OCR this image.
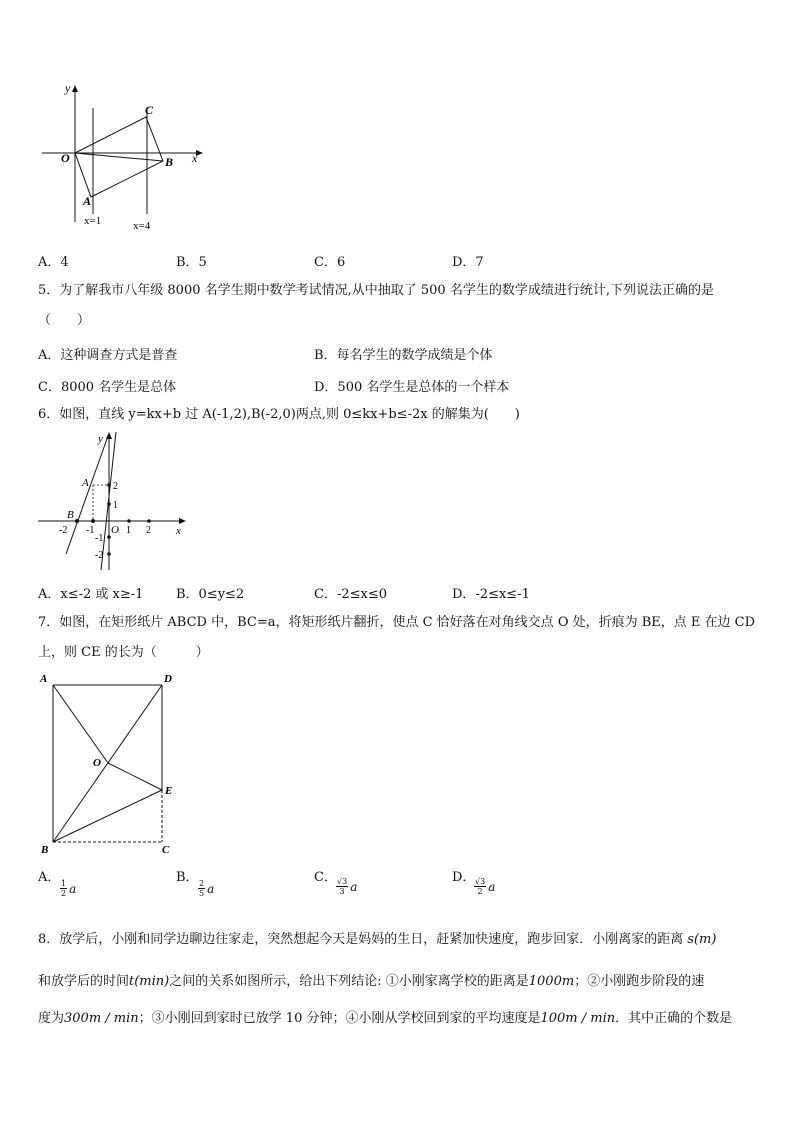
y
x
O
C
B
A
x=1	x=4
A．4	B．5	C．6	D．7
5．为了解我市八年级 8000 名学生期中数学考试情况,从中抽取了 500 名学生的数学成绩进行统计,下列说法正确的是
（　　）
A．这种调查方式是普查	B．每名学生的数学成绩是个体
C．8000 名学生是总体	D．500 名学生是总体的一个样本
6．如图，直线 y=kx+b 过 A(-1,2),B(-2,0)两点,则 0≤kx+b≤-2x 的解集为(　　)
y
x
A
B
O
-2 -1	1 2
2
1
-1
-2
A．x≤-2 或 x≥-1	B．0≤y≤2	C．-2≤x≤0	D．-2≤x≤-1
7．如图，在矩形纸片 ABCD 中，BC=a，将矩形纸片翻折，使点 C 恰好落在对角线交点 O 处，折痕为 BE，点 E 在边 CD
上，则 CE 的长为（　　　）
A	D
O
E
B	C
A．
$\frac{1}{2}$ a
B．
$\frac{2}{5}$ a
C． $\frac{√3}{3}$ a
D．
$\frac{√3}{2}$ a
8．放学后，小刚和同学边聊边往家走，突然想起今天是妈妈的生日，赶紧加快速度，跑步回家．小刚离家的距离 s(m)
和放学后的时间t(min)之间的关系如图所示，给出下列结论: ①小刚家离学校的距离是1000m；②小刚跑步阶段的速
度为300m / min；③小刚回到家时已放学 10 分钟；④小刚从学校回到家的平均速度是100m / min．其中正确的个数是
